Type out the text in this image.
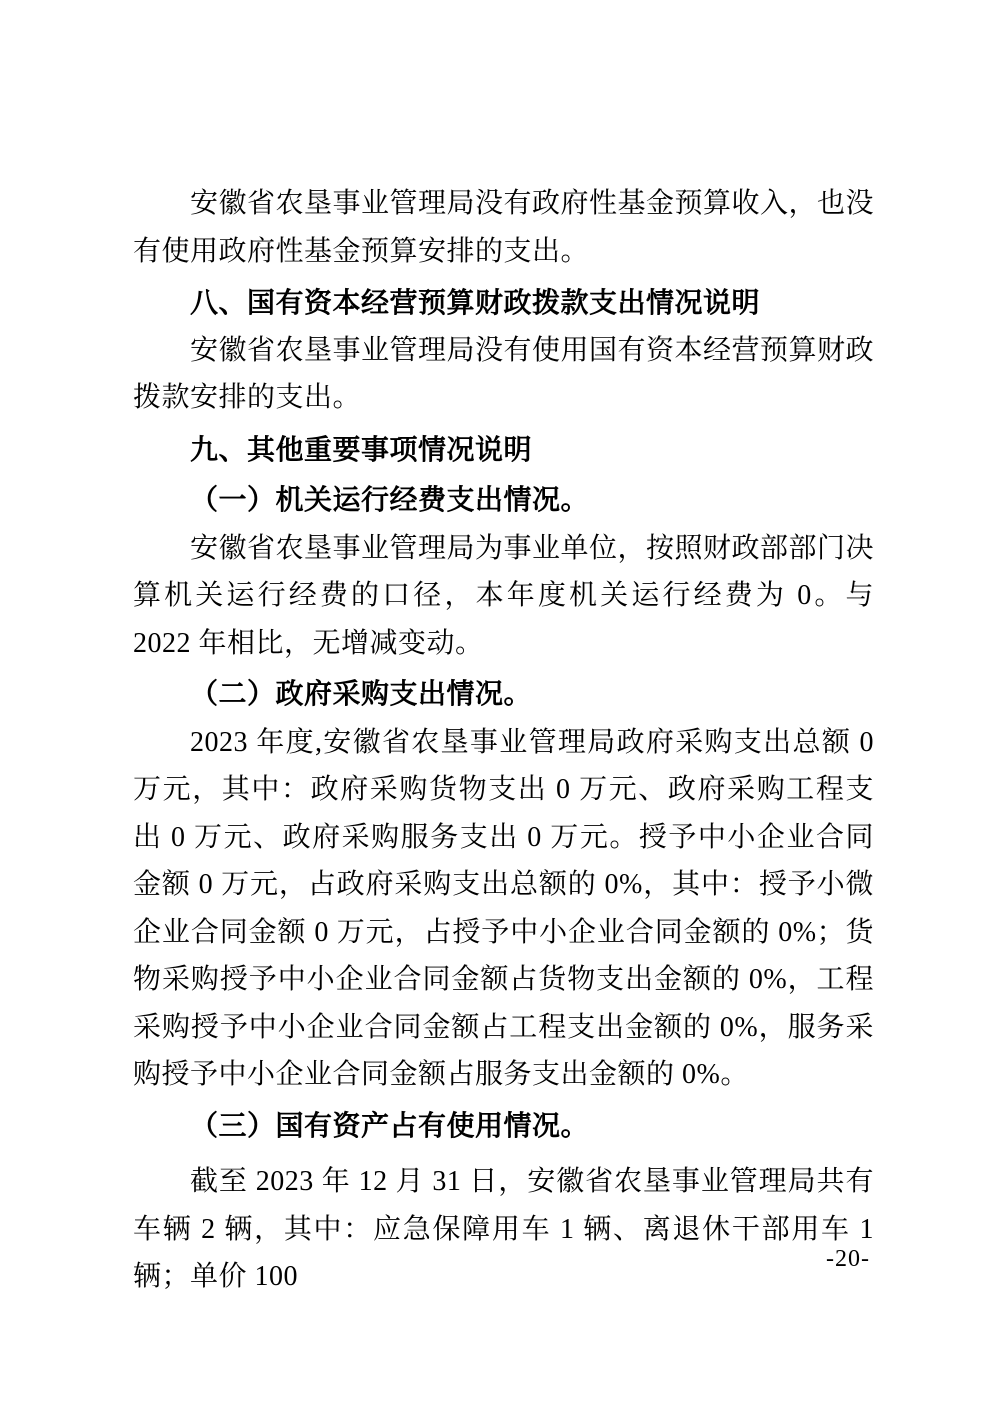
安徽省农垦事业管理局没有政府性基金预算收入，也没有使用政府性基金预算安排的支出。

八、国有资本经营预算财政拨款支出情况说明

安徽省农垦事业管理局没有使用国有资本经营预算财政拨款安排的支出。

九、其他重要事项情况说明

（一）机关运行经费支出情况。

安徽省农垦事业管理局为事业单位，按照财政部部门决算机关运行经费的口径，本年度机关运行经费为 0。与 2022 年相比，无增减变动。

（二）政府采购支出情况。

2023 年度,安徽省农垦事业管理局政府采购支出总额 0 万元，其中：政府采购货物支出 0 万元、政府采购工程支出 0 万元、政府采购服务支出 0 万元。授予中小企业合同金额 0 万元，占政府采购支出总额的 0%，其中：授予小微企业合同金额 0 万元，占授予中小企业合同金额的 0%；货物采购授予中小企业合同金额占货物支出金额的 0%，工程采购授予中小企业合同金额占工程支出金额的 0%，服务采购授予中小企业合同金额占服务支出金额的 0%。

（三）国有资产占有使用情况。

截至 2023 年 12 月 31 日，安徽省农垦事业管理局共有车辆 2 辆，其中：应急保障用车 1 辆、离退休干部用车 1 辆；单价 100

-20-
